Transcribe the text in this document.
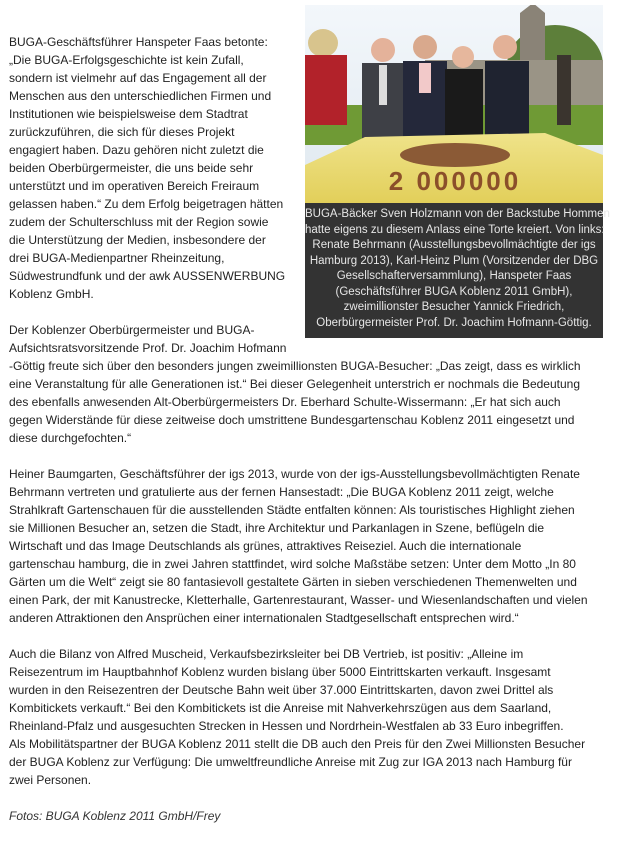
2 000000
BUGA-Bäcker Sven Holzmann von der Backstube Hommen
hatte eigens zu diesem Anlass eine Torte kreiert. Von links:
Renate Behrmann (Ausstellungsbevollmächtigte der igs
Hamburg 2013), Karl-Heinz Plum (Vorsitzender der DBG
Gesellschafterversammlung), Hanspeter Faas
(Geschäftsführer BUGA Koblenz 2011 GmbH),
zweimillionster Besucher Yannick Friedrich,
Oberbürgermeister Prof. Dr. Joachim Hofmann-Göttig.

BUGA-Geschäftsführer Hanspeter Faas betonte:
„Die BUGA-Erfolgsgeschichte ist kein Zufall,
sondern ist vielmehr auf das Engagement all der
Menschen aus den unterschiedlichen Firmen und
Institutionen wie beispielsweise dem Stadtrat
zurückzuführen, die sich für dieses Projekt
engagiert haben. Dazu gehören nicht zuletzt die
beiden Oberbürgermeister, die uns beide sehr
unterstützt und im operativen Bereich Freiraum
gelassen haben.“ Zu dem Erfolg beigetragen hätten
zudem der Schulterschluss mit der Region sowie
die Unterstützung der Medien, insbesondere der
drei BUGA-Medienpartner Rheinzeitung,
Südwestrundfunk und der awk AUSSENWERBUNG
Koblenz GmbH.

Der Koblenzer Oberbürgermeister und BUGA-
Aufsichtsratsvorsitzende Prof. Dr. Joachim Hofmann
-Göttig freute sich über den besonders jungen zweimillionsten BUGA-Besucher: „Das zeigt, dass es wirklich
eine Veranstaltung für alle Generationen ist.“ Bei dieser Gelegenheit unterstrich er nochmals die Bedeutung
des ebenfalls anwesenden Alt-Oberbürgermeisters Dr. Eberhard Schulte-Wissermann: „Er hat sich auch
gegen Widerstände für diese zeitweise doch umstrittene Bundesgartenschau Koblenz 2011 eingesetzt und
diese durchgefochten.“

Heiner Baumgarten, Geschäftsführer der igs 2013, wurde von der igs-Ausstellungsbevollmächtigten Renate
Behrmann vertreten und gratulierte aus der fernen Hansestadt: „Die BUGA Koblenz 2011 zeigt, welche
Strahlkraft Gartenschauen für die ausstellenden Städte entfalten können: Als touristisches Highlight ziehen
sie Millionen Besucher an, setzen die Stadt, ihre Architektur und Parkanlagen in Szene, beflügeln die
Wirtschaft und das Image Deutschlands als grünes, attraktives Reiseziel. Auch die internationale
gartenschau hamburg, die in zwei Jahren stattfindet, wird solche Maßstäbe setzen: Unter dem Motto „In 80
Gärten um die Welt“ zeigt sie 80 fantasievoll gestaltete Gärten in sieben verschiedenen Themenwelten und
einen Park, der mit Kanustrecke, Kletterhalle, Gartenrestaurant, Wasser- und Wiesenlandschaften und vielen
anderen Attraktionen den Ansprüchen einer internationalen Stadtgesellschaft entsprechen wird.“

Auch die Bilanz von Alfred Muscheid, Verkaufsbezirksleiter bei DB Vertrieb, ist positiv: „Alleine im
Reisezentrum im Hauptbahnhof Koblenz wurden bislang über 5000 Eintrittskarten verkauft. Insgesamt
wurden in den Reisezentren der Deutsche Bahn weit über 37.000 Eintrittskarten, davon zwei Drittel als
Kombitickets verkauft.“ Bei den Kombitickets ist die Anreise mit Nahverkehrszügen aus dem Saarland,
Rheinland-Pfalz und ausgesuchten Strecken in Hessen und Nordrhein-Westfalen ab 33 Euro inbegriffen.
Als Mobilitätspartner der BUGA Koblenz 2011 stellt die DB auch den Preis für den Zwei Millionsten Besucher
der BUGA Koblenz zur Verfügung: Die umweltfreundliche Anreise mit Zug zur IGA 2013 nach Hamburg für
zwei Personen.

Fotos: BUGA Koblenz 2011 GmbH/Frey
